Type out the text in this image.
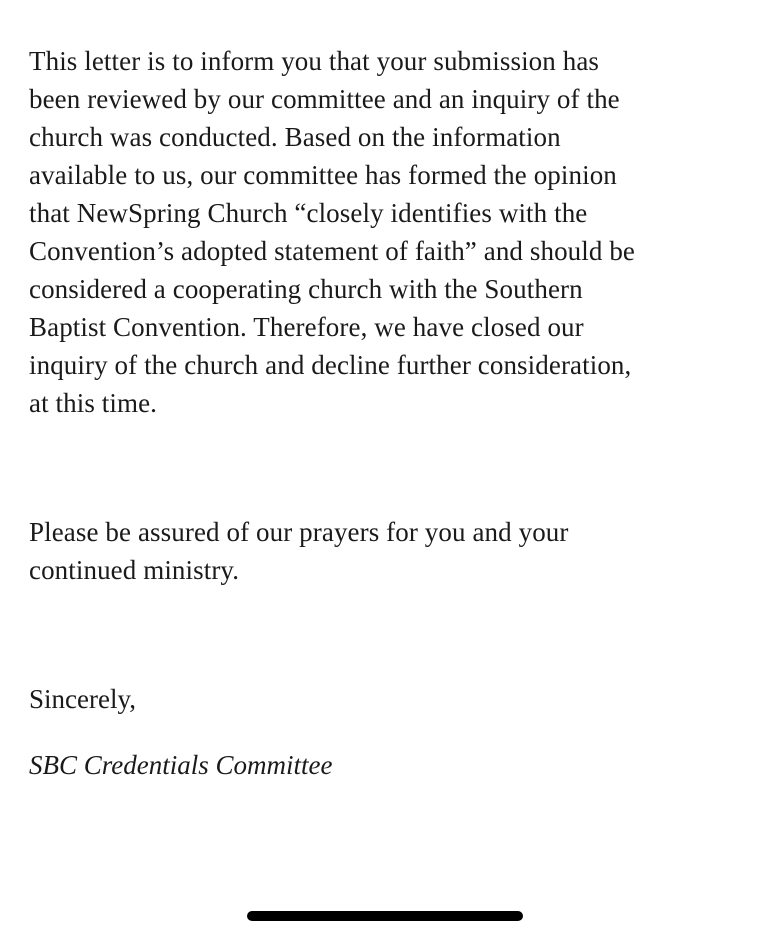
This letter is to inform you that your submission has
been reviewed by our committee and an inquiry of the
church was conducted. Based on the information
available to us, our committee has formed the opinion
that NewSpring Church “closely identifies with the
Convention’s adopted statement of faith” and should be
considered a cooperating church with the Southern
Baptist Convention. Therefore, we have closed our
inquiry of the church and decline further consideration,
at this time.

Please be assured of our prayers for you and your
continued ministry.

Sincerely,

SBC Credentials Committee
